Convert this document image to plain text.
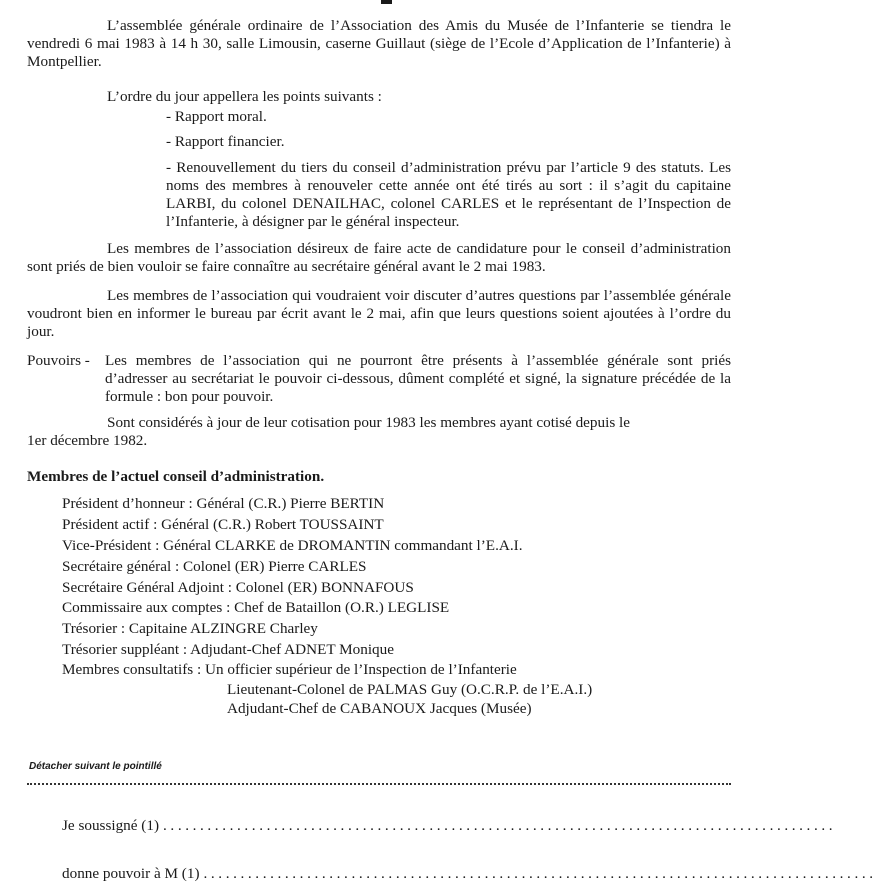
L’assemblée générale ordinaire de l’Association des Amis du Musée de l’Infanterie se tiendra le vendredi 6 mai 1983 à 14 h 30, salle Limousin, caserne Guillaut (siège de l’Ecole d’Application de l’Infanterie) à Montpellier.

L’ordre du jour appellera les points suivants :

- Rapport moral.

- Rapport financier.

- Renouvellement du tiers du conseil d’administration prévu par l’article 9 des statuts. Les noms des membres à renouveler cette année ont été tirés au sort : il s’agit du capitaine LARBI, du colonel DENAILHAC, colonel CARLES et le représentant de l’Inspection de l’Infanterie, à désigner par le général inspecteur.

Les membres de l’association désireux de faire acte de candidature pour le conseil d’administration sont priés de bien vouloir se faire connaître au secrétaire général avant le 2 mai 1983.

Les membres de l’association qui voudraient voir discuter d’autres questions par l’assemblée générale voudront bien en informer le bureau par écrit avant le 2 mai, afin que leurs questions soient ajoutées à l’ordre du jour.

Pouvoirs - Les membres de l’association qui ne pourront être présents à l’assemblée générale sont priés d’adresser au secrétariat le pouvoir ci-dessous, dûment complété et signé, la signature précédée de la formule : bon pour pouvoir.

Sont considérés à jour de leur cotisation pour 1983 les membres ayant cotisé depuis le

1er décembre 1982.

Membres de l’actuel conseil d’administration.

Président d’honneur : Général (C.R.) Pierre BERTIN

Président actif : Général (C.R.) Robert TOUSSAINT

Vice-Président : Général CLARKE de DROMANTIN commandant l’E.A.I.

Secrétaire général : Colonel (ER) Pierre CARLES

Secrétaire Général Adjoint : Colonel (ER) BONNAFOUS

Commissaire aux comptes : Chef de Bataillon (O.R.) LEGLISE

Trésorier : Capitaine ALZINGRE Charley

Trésorier suppléant : Adjudant-Chef ADNET Monique

Membres consultatifs : Un officier supérieur de l’Inspection de l’Infanterie

Lieutenant-Colonel de PALMAS Guy (O.C.R.P. de l’E.A.I.)

Adjudant-Chef de CABANOUX Jacques (Musée)

Détacher suivant le pointillé

Je soussigné (1) ...........................................................................................

donne pouvoir à M (1) ...........................................................................................
